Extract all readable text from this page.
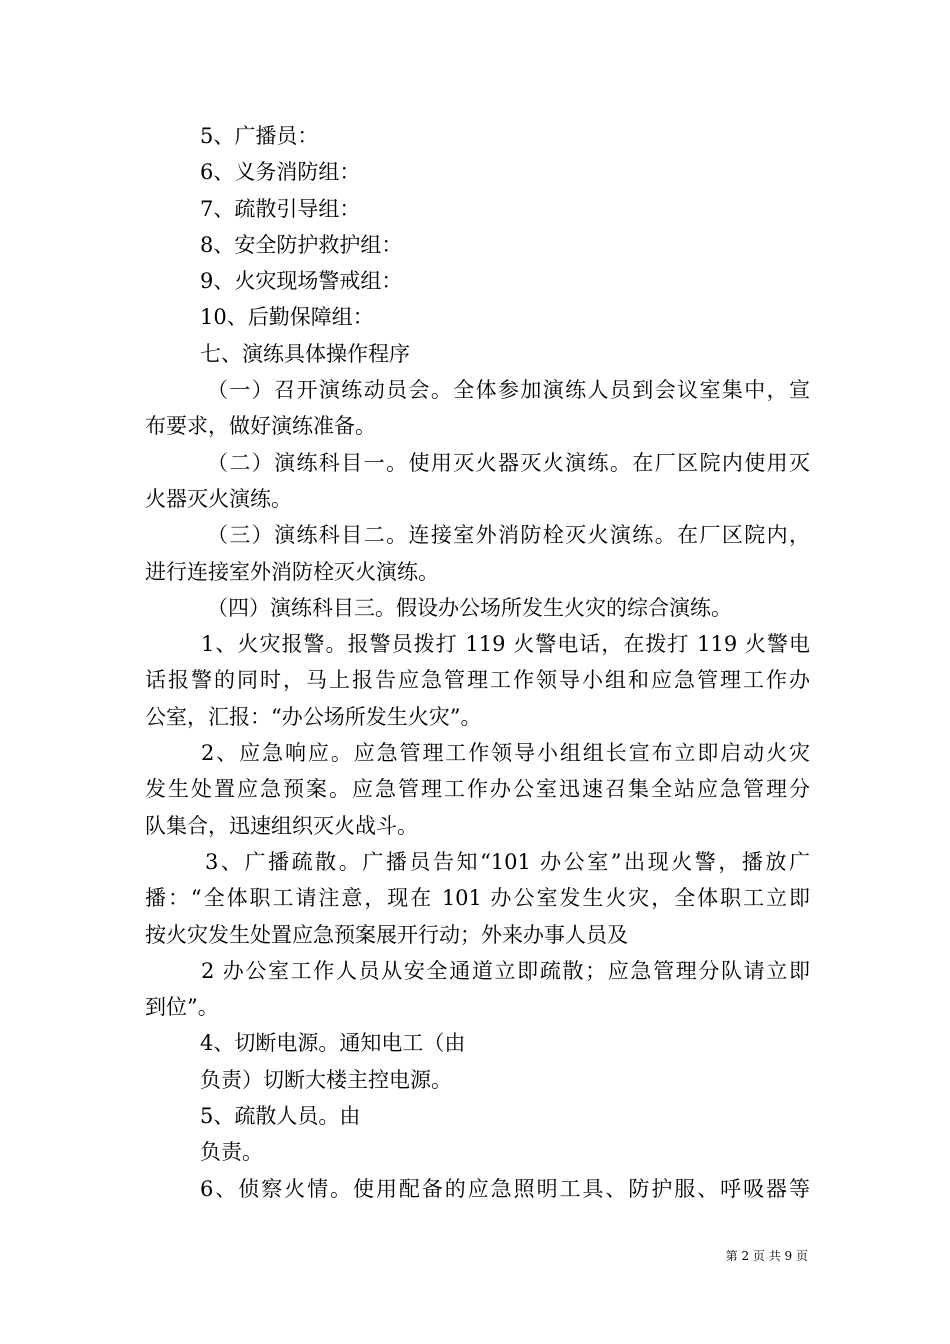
5、广播员：
6、义务消防组：
7、疏散引导组：
8、安全防护救护组：
9、火灾现场警戒组：
10、后勤保障组：
七、演练具体操作程序
（一）召开演练动员会。全体参加演练人员到会议室集中，宣
布要求，做好演练准备。
（二）演练科目一。使用灭火器灭火演练。在厂区院内使用灭
火器灭火演练。
（三）演练科目二。连接室外消防栓灭火演练。在厂区院内，
进行连接室外消防栓灭火演练。
（四）演练科目三。假设办公场所发生火灾的综合演练。
1、火灾报警。报警员拨打 119 火警电话，在拨打 119 火警电
话报警的同时，马上报告应急管理工作领导小组和应急管理工作办
公室，汇报：“办公场所发生火灾”。
2、应急响应。应急管理工作领导小组组长宣布立即启动火灾
发生处置应急预案。应急管理工作办公室迅速召集全站应急管理分
队集合，迅速组织灭火战斗。
3、广播疏散。广播员告知“101 办公室”出现火警，播放广
播：“全体职工请注意，现在 101 办公室发生火灾，全体职工立即
按火灾发生处置应急预案展开行动；外来办事人员及
2 办公室工作人员从安全通道立即疏散；应急管理分队请立即
到位”。
4、切断电源。通知电工（由
负责）切断大楼主控电源。
5、疏散人员。由
负责。
6、侦察火情。使用配备的应急照明工具、防护服、呼吸器等
第 2 页 共 9 页
